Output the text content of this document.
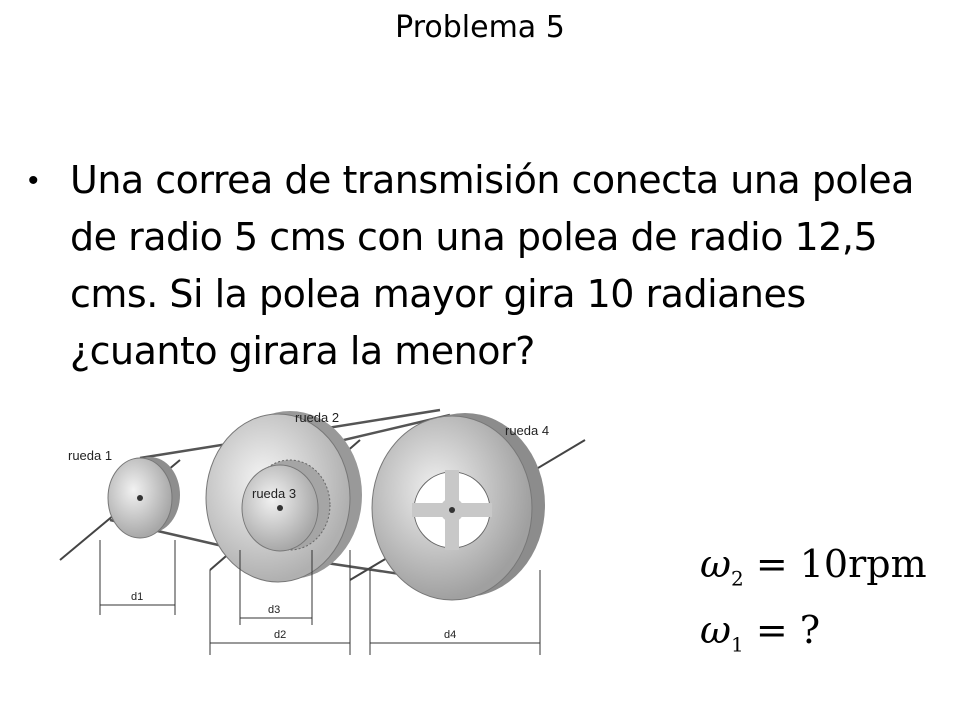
Problema 5
• Una correa de transmisión conecta una polea
de radio 5 cms con una polea de radio 12,5
cms. Si la polea mayor gira 10 radianes
¿cuanto girara la menor?
rueda 1
rueda 2
rueda 3
rueda 4
d1
d3
d2	d4
$\omega_2 = 10rpm$
$\omega_1$ = ?
